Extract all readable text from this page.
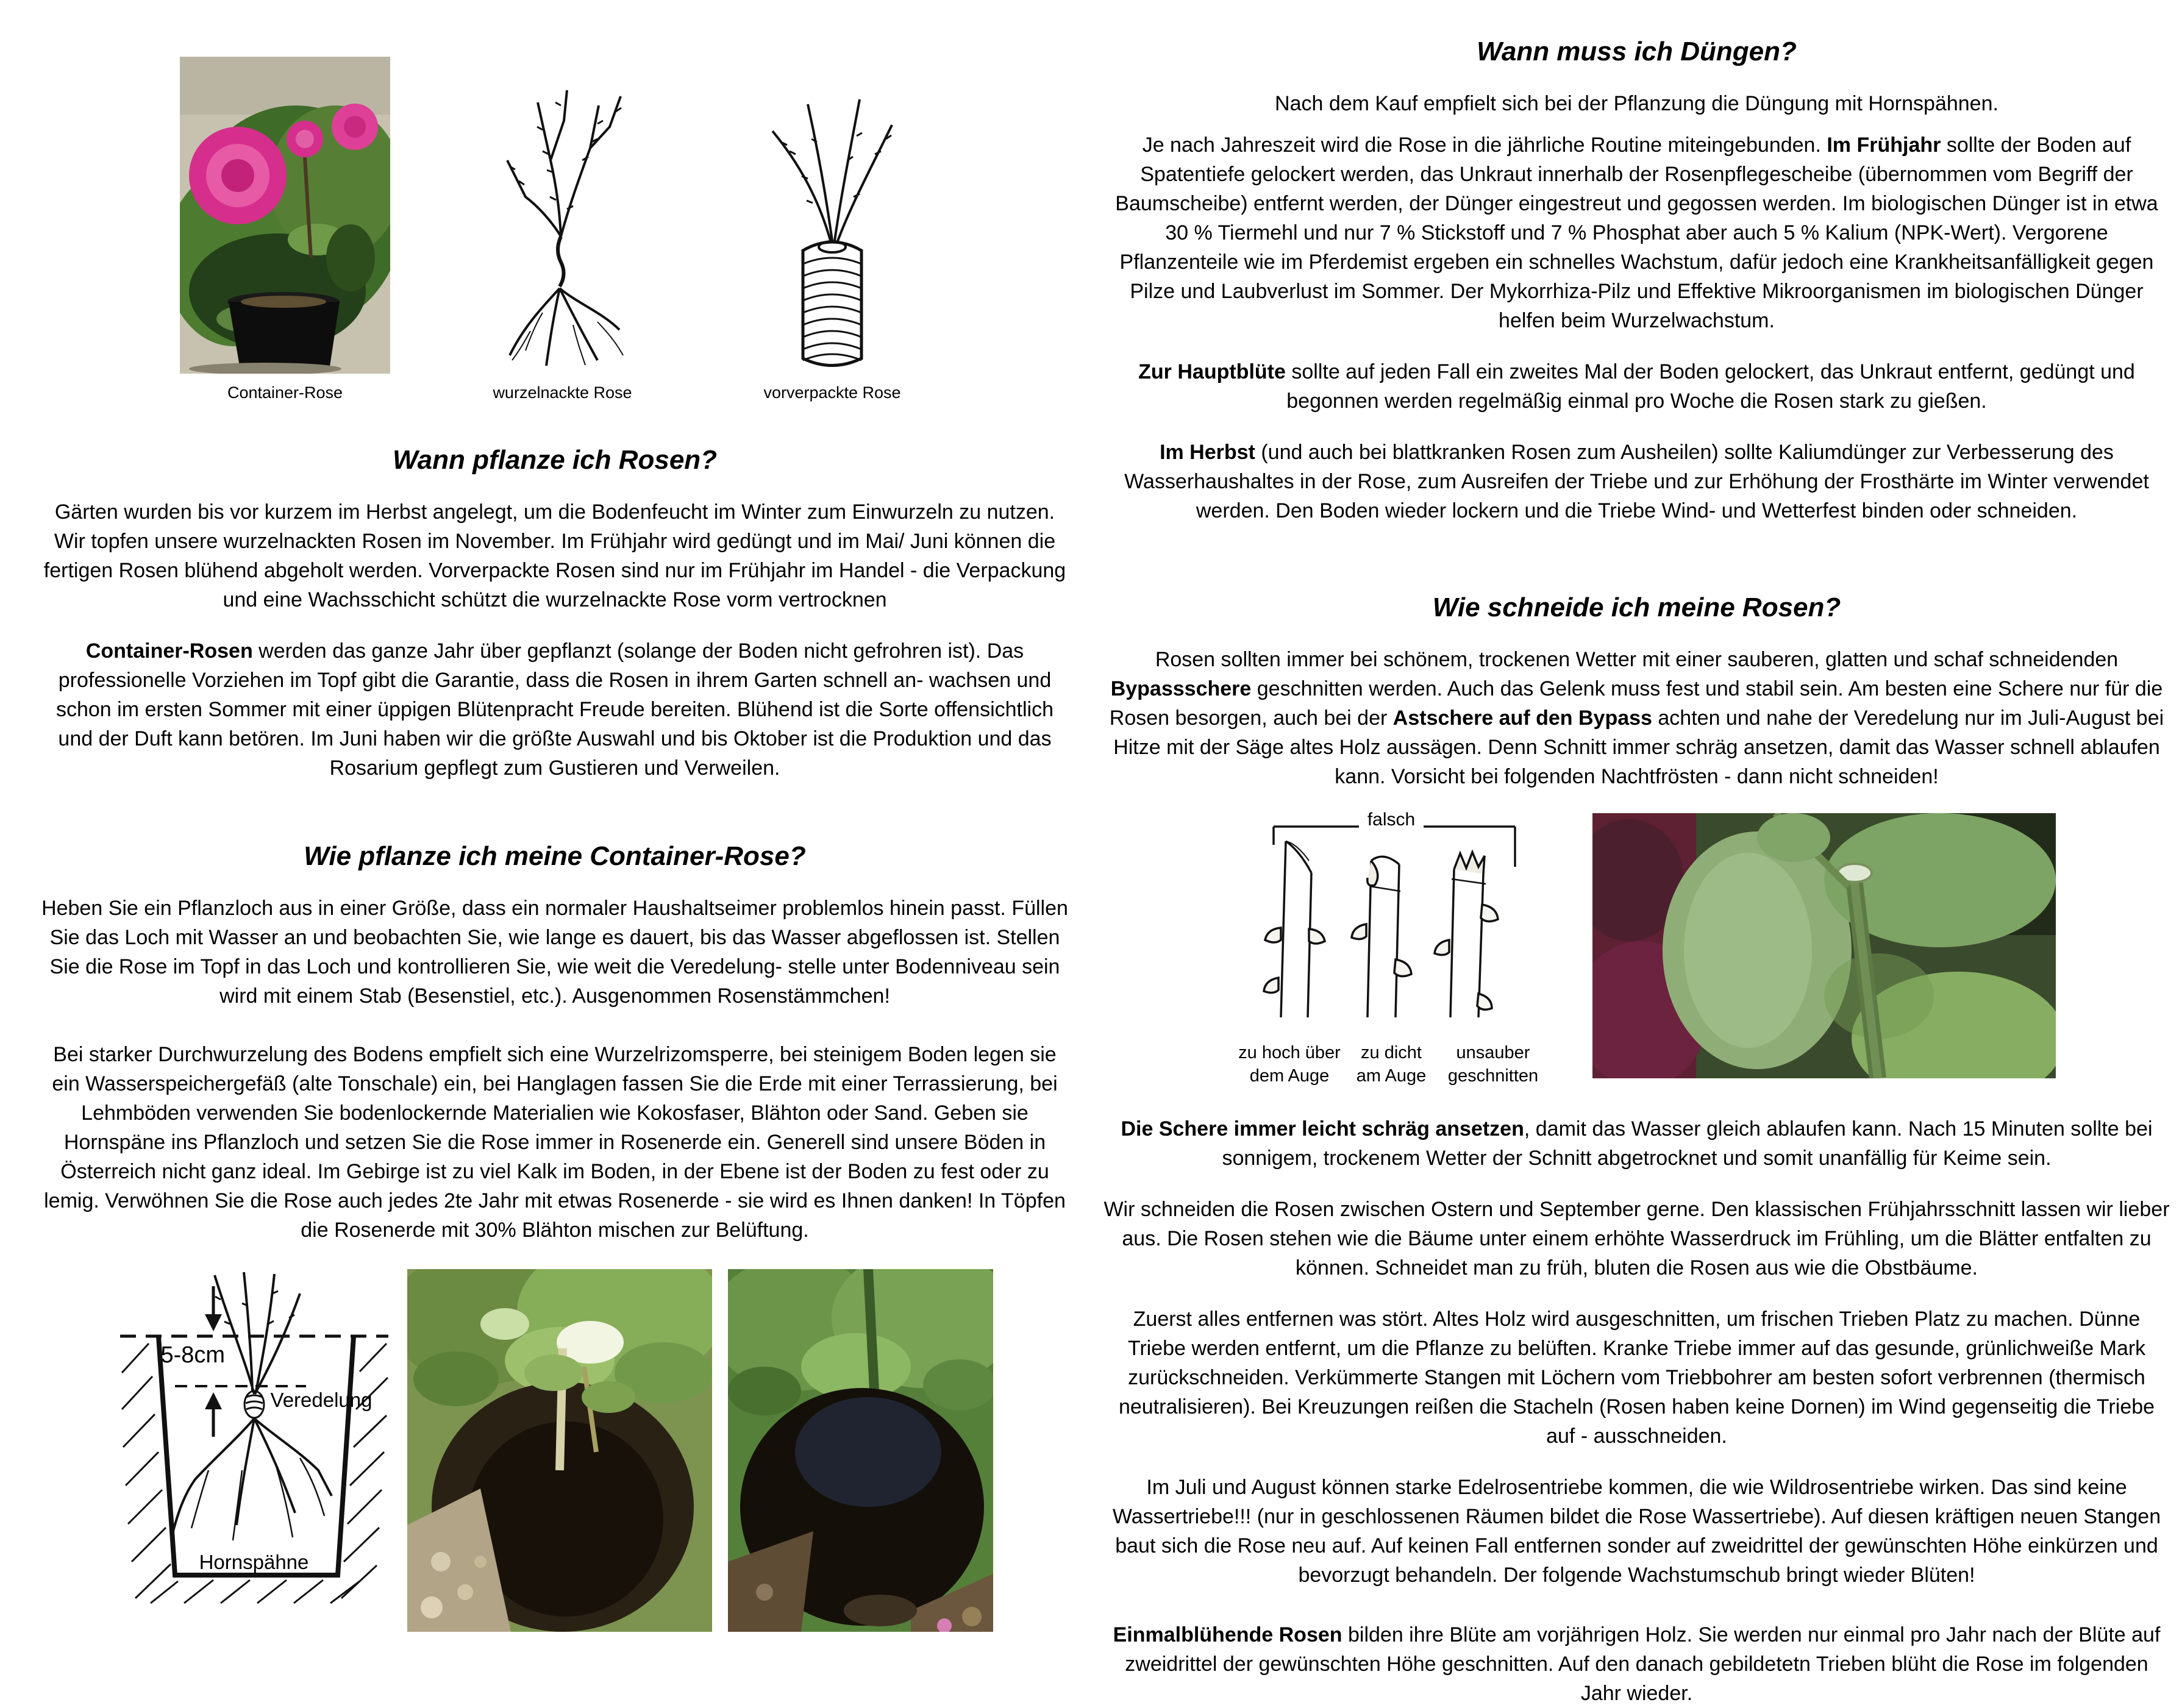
Container-Rose	wurzelnackte Rose	vorverpackte Rose
Wann pflanze ich Rosen?

Gärten wurden bis vor kurzem im Herbst angelegt, um die Bodenfeucht im Winter zum Einwurzeln zu nutzen. Wir topfen unsere wurzelnackten Rosen im November. Im Frühjahr wird gedüngt und im Mai/ Juni können die fertigen Rosen blühend abgeholt werden. Vorverpackte Rosen sind nur im Frühjahr im Handel - die Verpackung und eine Wachsschicht schützt die wurzelnackte Rose vorm vertrocknen

Container-Rosen werden das ganze Jahr über gepflanzt (solange der Boden nicht gefrohren ist). Das professionelle Vorziehen im Topf gibt die Garantie, dass die Rosen in ihrem Garten schnell an- wachsen und schon im ersten Sommer mit einer üppigen Blütenpracht Freude bereiten. Blühend ist die Sorte offensichtlich und der Duft kann betören. Im Juni haben wir die größte Auswahl und bis Oktober ist die Produktion und das Rosarium gepflegt zum Gustieren und Verweilen.

Wie pflanze ich meine Container-Rose?

Heben Sie ein Pflanzloch aus in einer Größe, dass ein normaler Haushaltseimer problemlos hinein passt. Füllen Sie das Loch mit Wasser an und beobachten Sie, wie lange es dauert, bis das Wasser abgeflossen ist. Stellen Sie die Rose im Topf in das Loch und kontrollieren Sie, wie weit die Veredelung- stelle unter Bodenniveau sein wird mit einem Stab (Besenstiel, etc.). Ausgenommen Rosenstämmchen!

Bei starker Durchwurzelung des Bodens empfielt sich eine Wurzelrizomsperre, bei steinigem Boden legen sie ein Wasserspeichergefäß (alte Tonschale) ein, bei Hanglagen fassen Sie die Erde mit einer Terrassierung, bei Lehmböden verwenden Sie bodenlockernde Materialien wie Kokosfaser, Blähton oder Sand. Geben sie Hornspäne ins Pflanzloch und setzen Sie die Rose immer in Rosenerde ein. Generell sind unsere Böden in Österreich nicht ganz ideal. Im Gebirge ist zu viel Kalk im Boden, in der Ebene ist der Boden zu fest oder zu lemig. Verwöhnen Sie die Rose auch jedes 2te Jahr mit etwas Rosenerde - sie wird es Ihnen danken! In Töpfen die Rosenerde mit 30% Blähton mischen zur Belüftung.

5-8cm
Veredelung
Hornspähne
Wann muss ich Düngen?

Nach dem Kauf empfielt sich bei der Pflanzung die Düngung mit Hornspähnen.

Je nach Jahreszeit wird die Rose in die jährliche Routine miteingebunden. Im Frühjahr sollte der Boden auf Spatentiefe gelockert werden, das Unkraut innerhalb der Rosenpflegescheibe (übernommen vom Begriff der Baumscheibe) entfernt werden, der Dünger eingestreut und gegossen werden. Im biologischen Dünger ist in etwa 30 % Tiermehl und nur 7 % Stickstoff und 7 % Phosphat aber auch 5 % Kalium (NPK-Wert). Vergorene Pflanzenteile wie im Pferdemist ergeben ein schnelles Wachstum, dafür jedoch eine Krankheitsanfälligkeit gegen Pilze und Laubverlust im Sommer. Der Mykorrhiza-Pilz und Effektive Mikroorganismen im biologischen Dünger helfen beim Wurzelwachstum.

Zur Hauptblüte sollte auf jeden Fall ein zweites Mal der Boden gelockert, das Unkraut entfernt, gedüngt und begonnen werden regelmäßig einmal pro Woche die Rosen stark zu gießen.

Im Herbst (und auch bei blattkranken Rosen zum Ausheilen) sollte Kaliumdünger zur Verbesserung des Wasserhaushaltes in der Rose, zum Ausreifen der Triebe und zur Erhöhung der Frosthärte im Winter verwendet werden. Den Boden wieder lockern und die Triebe Wind- und Wetterfest binden oder schneiden.

Wie schneide ich meine Rosen?

Rosen sollten immer bei schönem, trockenen Wetter mit einer sauberen, glatten und schaf schneidenden Bypassschere geschnitten werden. Auch das Gelenk muss fest und stabil sein. Am besten eine Schere nur für die Rosen besorgen, auch bei der Astschere auf den Bypass achten und nahe der Veredelung nur im Juli-August bei Hitze mit der Säge altes Holz aussägen. Denn Schnitt immer schräg ansetzen, damit das Wasser schnell ablaufen kann. Vorsicht bei folgenden Nachtfrösten - dann nicht schneiden!

falsch
zu hoch über
dem Auge
zu dicht
am Auge
unsauber
geschnitten

Die Schere immer leicht schräg ansetzen, damit das Wasser gleich ablaufen kann. Nach 15 Minuten sollte bei sonnigem, trockenem Wetter der Schnitt abgetrocknet und somit unanfällig für Keime sein.

Wir schneiden die Rosen zwischen Ostern und September gerne. Den klassischen Frühjahrsschnitt lassen wir lieber aus. Die Rosen stehen wie die Bäume unter einem erhöhte Wasserdruck im Frühling, um die Blätter entfalten zu können. Schneidet man zu früh, bluten die Rosen aus wie die Obstbäume.

Zuerst alles entfernen was stört. Altes Holz wird ausgeschnitten, um frischen Trieben Platz zu machen. Dünne Triebe werden entfernt, um die Pflanze zu belüften. Kranke Triebe immer auf das gesunde, grünlichweiße Mark zurückschneiden. Verkümmerte Stangen mit Löchern vom Triebbohrer am besten sofort verbrennen (thermisch neutralisieren). Bei Kreuzungen reißen die Stacheln (Rosen haben keine Dornen) im Wind gegenseitig die Triebe auf - ausschneiden.

Im Juli und August können starke Edelrosentriebe kommen, die wie Wildrosentriebe wirken. Das sind keine Wassertriebe!!! (nur in geschlossenen Räumen bildet die Rose Wassertriebe). Auf diesen kräftigen neuen Stangen baut sich die Rose neu auf. Auf keinen Fall entfernen sonder auf zweidrittel der gewünschten Höhe einkürzen und bevorzugt behandeln. Der folgende Wachstumschub bringt wieder Blüten!

Einmalblühende Rosen bilden ihre Blüte am vorjährigen Holz. Sie werden nur einmal pro Jahr nach der Blüte auf zweidrittel der gewünschten Höhe geschnitten. Auf den danach gebildetetn Trieben blüht die Rose im folgenden Jahr wieder.
